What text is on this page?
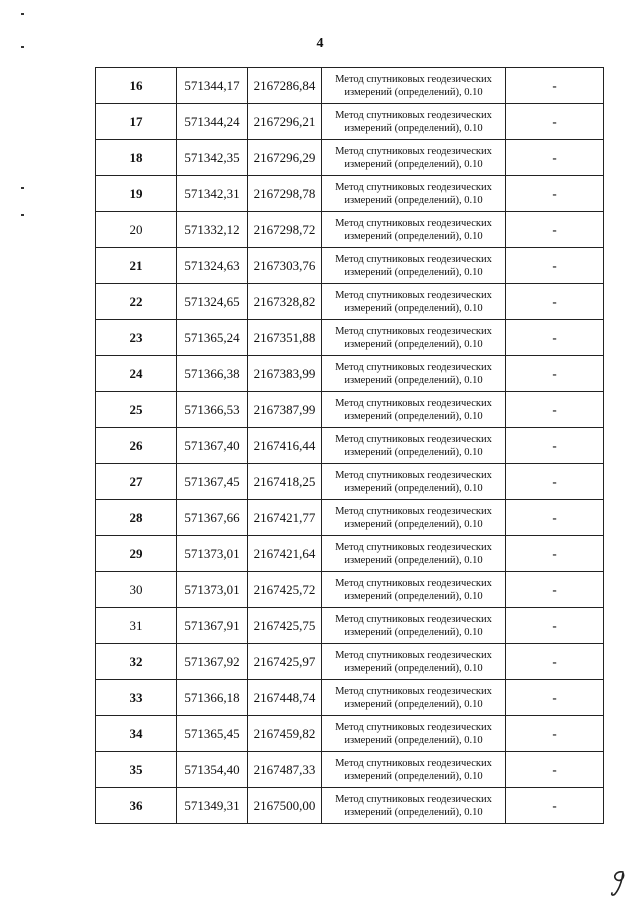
4
16	571344,17	2167286,84	Метод спутниковых геодезических
измерений (определений), 0.10	-
17	571344,24	2167296,21	Метод спутниковых геодезических
измерений (определений), 0.10	-
18	571342,35	2167296,29	Метод спутниковых геодезических
измерений (определений), 0.10	-
19	571342,31	2167298,78	Метод спутниковых геодезических
измерений (определений), 0.10	-
20	571332,12	2167298,72	Метод спутниковых геодезических
измерений (определений), 0.10	-
21	571324,63	2167303,76	Метод спутниковых геодезических
измерений (определений), 0.10	-
22	571324,65	2167328,82	Метод спутниковых геодезических
измерений (определений), 0.10	-
23	571365,24	2167351,88	Метод спутниковых геодезических
измерений (определений), 0.10	-
24	571366,38	2167383,99	Метод спутниковых геодезических
измерений (определений), 0.10	-
25	571366,53	2167387,99	Метод спутниковых геодезических
измерений (определений), 0.10	-
26	571367,40	2167416,44	Метод спутниковых геодезических
измерений (определений), 0.10	-
27	571367,45	2167418,25	Метод спутниковых геодезических
измерений (определений), 0.10	-
28	571367,66	2167421,77	Метод спутниковых геодезических
измерений (определений), 0.10	-
29	571373,01	2167421,64	Метод спутниковых геодезических
измерений (определений), 0.10	-
30	571373,01	2167425,72	Метод спутниковых геодезических
измерений (определений), 0.10	-
31	571367,91	2167425,75	Метод спутниковых геодезических
измерений (определений), 0.10	-
32	571367,92	2167425,97	Метод спутниковых геодезических
измерений (определений), 0.10	-
33	571366,18	2167448,74	Метод спутниковых геодезических
измерений (определений), 0.10	-
34	571365,45	2167459,82	Метод спутниковых геодезических
измерений (определений), 0.10	-
35	571354,40	2167487,33	Метод спутниковых геодезических
измерений (определений), 0.10	-
36	571349,31	2167500,00	Метод спутниковых геодезических
измерений (определений), 0.10	-
